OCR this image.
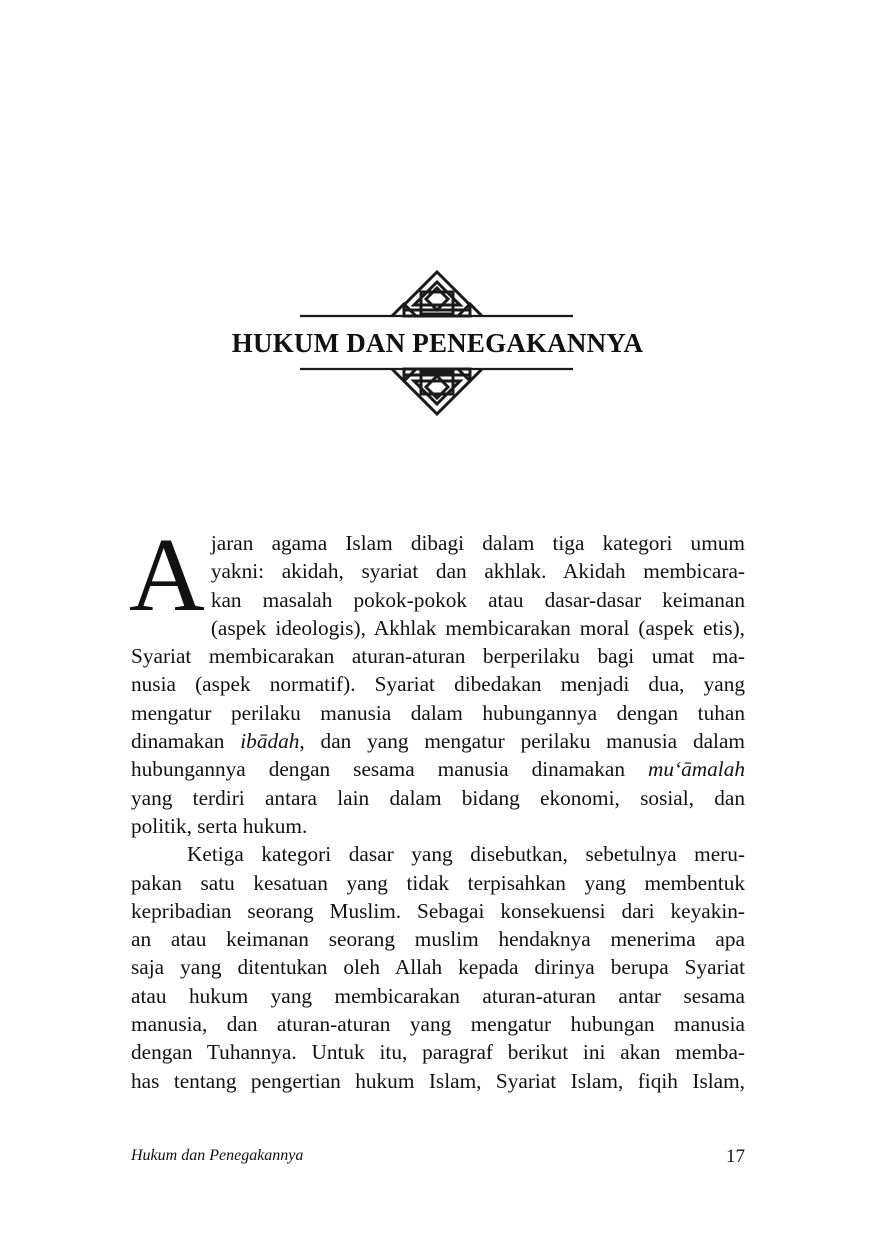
HUKUM DAN PENEGAKANNYA

A jaran agama Islam dibagi dalam tiga kategori umum
yakni: akidah, syariat dan akhlak. Akidah membicara-
kan masalah pokok-pokok atau dasar-dasar keimanan
(aspek ideologis), Akhlak membicarakan moral (aspek etis),
Syariat membicarakan aturan-aturan berperilaku bagi umat ma-
nusia (aspek normatif). Syariat dibedakan menjadi dua, yang
mengatur perilaku manusia dalam hubungannya dengan tuhan
dinamakan ibādah, dan yang mengatur perilaku manusia dalam
hubungannya dengan sesama manusia dinamakan mu‘āmalah
yang terdiri antara lain dalam bidang ekonomi, sosial, dan
politik, serta hukum.

Ketiga kategori dasar yang disebutkan, sebetulnya meru-
pakan satu kesatuan yang tidak terpisahkan yang membentuk
kepribadian seorang Muslim. Sebagai konsekuensi dari keyakin-
an atau keimanan seorang muslim hendaknya menerima apa
saja yang ditentukan oleh Allah kepada dirinya berupa Syariat
atau hukum yang membicarakan aturan-aturan antar sesama
manusia, dan aturan-aturan yang mengatur hubungan manusia
dengan Tuhannya. Untuk itu, paragraf berikut ini akan memba-
has tentang pengertian hukum Islam, Syariat Islam, fiqih Islam,

Hukum dan Penegakannya	17
